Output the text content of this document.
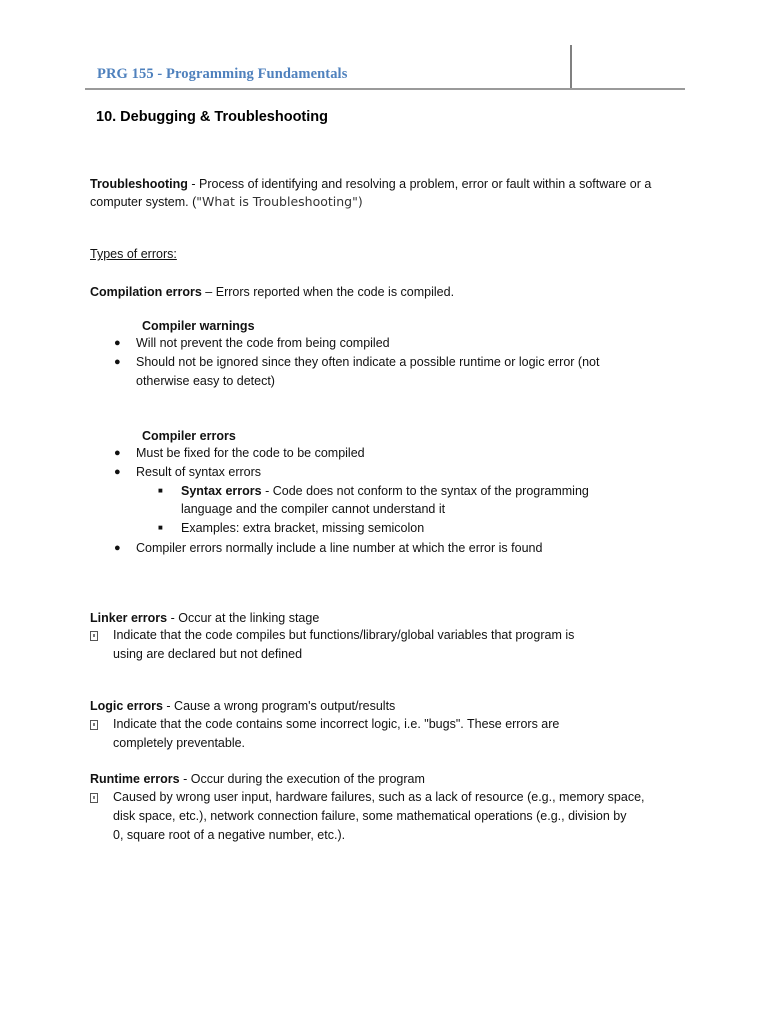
PRG 155 - Programming Fundamentals
10. Debugging & Troubleshooting
Troubleshooting - Process of identifying and resolving a problem, error or fault within a software or a
computer system. ("What is Troubleshooting")
Types of errors:
Compilation errors – Errors reported when the code is compiled.
Compiler warnings
● Will not prevent the code from being compiled
● Should not be ignored since they often indicate a possible runtime or logic error (not
otherwise easy to detect)
Compiler errors
● Must be fixed for the code to be compiled
● Result of syntax errors
■ Syntax errors - Code does not conform to the syntax of the programming
language and the compiler cannot understand it
■ Examples: extra bracket, missing semicolon
● Compiler errors normally include a line number at which the error is found
Linker errors - Occur at the linking stage
Indicate that the code compiles but functions/library/global variables that program is
using are declared but not defined
Logic errors - Cause a wrong program's output/results
Indicate that the code contains some incorrect logic, i.e. "bugs". These errors are
completely preventable.
Runtime errors - Occur during the execution of the program
Caused by wrong user input, hardware failures, such as a lack of resource (e.g., memory space,
disk space, etc.), network connection failure, some mathematical operations (e.g., division by
0, square root of a negative number, etc.).
